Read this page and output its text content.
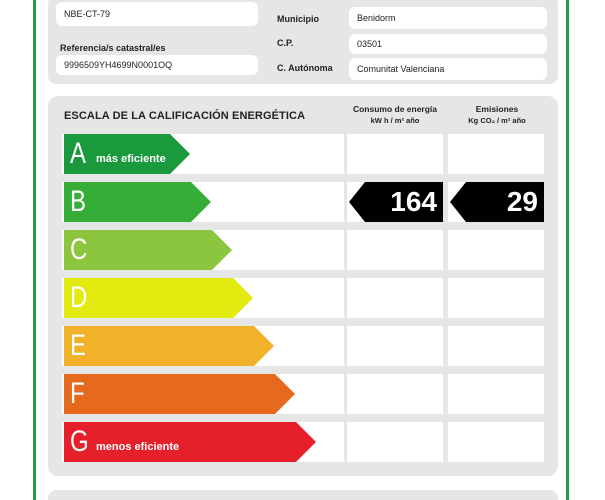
NBE-CT-79
Referencia/s catastral/es
9996509YH4699N0001OQ
Municipio	Benidorm
C.P.	03501
C. Autónoma	Comunitat Valenciana
ESCALA DE LA CALIFICACIÓN ENERGÉTICA
Consumo de energía
kW h / m² año
Emisiones
Kg CO₂ / m² año
A más eficiente
B	164	29
C
D
E
F
G menos eficiente
